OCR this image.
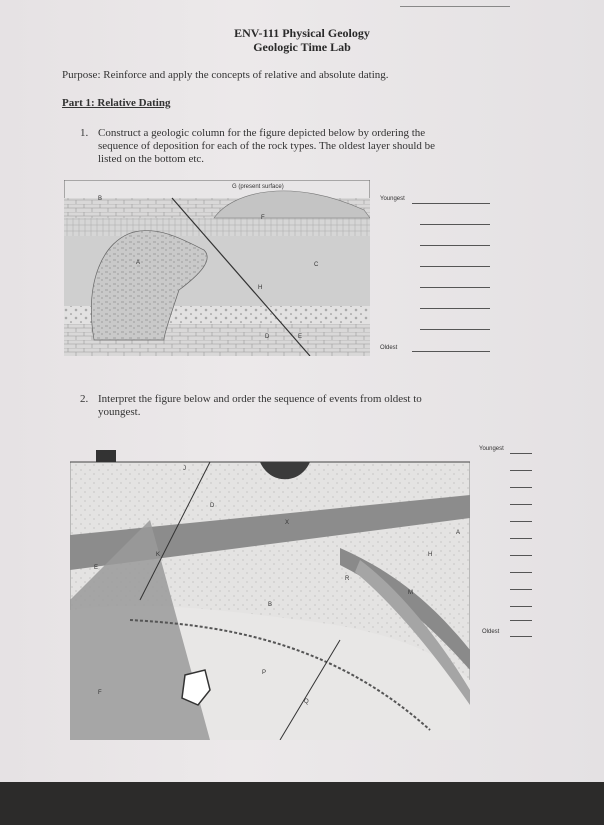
ENV-111 Physical Geology
Geologic Time Lab
Purpose: Reinforce and apply the concepts of relative and absolute dating.
Part 1: Relative Dating
1. Construct a geologic column for the figure depicted below by ordering the
sequence of deposition for each of the rock types. The oldest layer should be
listed on the bottom etc.
G (present surface)
A
B
C
D	E
F
H
Youngest
Oldest
2. Interpret the figure below and order the sequence of events from oldest to
youngest.
J
D
X
A
K	H
E
R
M
B
P
F
Q
Youngest
Oldest
